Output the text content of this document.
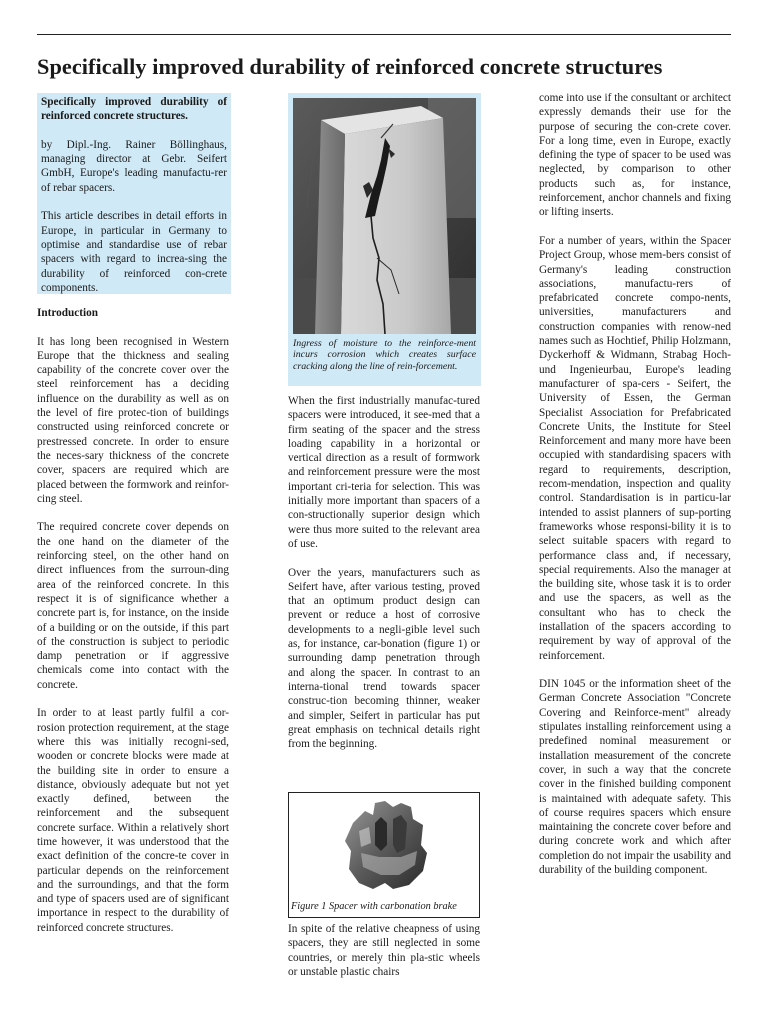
Specifically improved durability of reinforced concrete structures

Specifically improved durability of reinforced concrete structures.

by Dipl.-Ing. Rainer Böllinghaus, managing director at Gebr. Seifert GmbH, Europe's leading manufactu-rer of rebar spacers.

This article describes in detail efforts in Europe, in particular in Germany to optimise and standardise use of rebar spacers with regard to increa-sing the durability of reinforced con-crete components.

Introduction

It has long been recognised in Western Europe that the thickness and sealing capability of the concrete cover over the steel reinforcement has a deciding influence on the durability as well as on the level of fire protec-tion of buildings constructed using reinforced concrete or prestressed concrete. In order to ensure the neces-sary thickness of the concrete cover, spacers are required which are placed between the formwork and reinfor-cing steel.

The required concrete cover depends on the one hand on the diameter of the reinforcing steel, on the other hand on direct influences from the surroun-ding area of the reinforced concrete. In this respect it is of significance whether a concrete part is, for instance, on the inside of a building or on the outside, if this part of the construction is subject to periodic damp penetration or if aggressive chemicals come into contact with the concrete.

In order to at least partly fulfil a cor-rosion protection requirement, at the stage where this was initially recogni-sed, wooden or concrete blocks were made at the building site in order to ensure a distance, obviously adequate but not yet exactly defined, between the reinforcement and the subsequent concrete surface. Within a relatively short time however, it was understood that the exact definition of the concre-te cover in particular depends on the reinforcement and the surroundings, and that the form and type of spacers used are of significant importance in respect to the durability of reinforced concrete structures.

Ingress of moisture to the reinforce-ment incurs corrosion which creates surface cracking along the line of rein-forcement.

When the first industrially manufac-tured spacers were introduced, it see-med that a firm seating of the spacer and the stress loading capability in a horizontal or vertical direction as a result of formwork and reinforcement pressure were the most important cri-teria for selection. This was initially more important than spacers of a con-structionally superior design which were thus more suited to the relevant area of use.

Over the years, manufacturers such as Seifert have, after various testing, proved that an optimum product design can prevent or reduce a host of corrosive developments to a negli-gible level such as, for instance, car-bonation (figure 1) or surrounding damp penetration through and along the spacer. In contrast to an interna-tional trend towards spacer construc-tion becoming thinner, weaker and simpler, Seifert in particular has put great emphasis on technical details right from the beginning.

Figure 1 Spacer with carbonation brake

In spite of the relative cheapness of using spacers, they are still neglected in some countries, or merely thin pla-stic wheels or unstable plastic chairs

come into use if the consultant or architect expressly demands their use for the purpose of securing the con-crete cover. For a long time, even in Europe, exactly defining the type of spacer to be used was neglected, by comparison to other products such as, for instance, reinforcement, anchor channels and fixing or lifting inserts.

For a number of years, within the Spacer Project Group, whose mem-bers consist of Germany's leading construction associations, manufactu-rers of prefabricated concrete compo-nents, universities, manufacturers and construction companies with renow-ned names such as Hochtief, Philip Holzmann, Dyckerhoff & Widmann, Strabag Hoch- und Ingenieurbau, Europe's leading manufacturer of spa-cers - Seifert, the University of Essen, the German Specialist Association for Prefabricated Concrete Units, the Institute for Steel Reinforcement and many more have been occupied with standardising spacers with regard to requirements, description, recom-mendation, inspection and quality control. Standardisation is in particu-lar intended to assist planners of sup-porting frameworks whose responsi-bility it is to select suitable spacers with regard to performance class and, if necessary, special requirements. Also the manager at the building site, whose task it is to order and use the spacers, as well as the consultant who has to check the installation of the spacers according to requirement by way of approval of the reinforcement.

DIN 1045 or the information sheet of the German Concrete Association "Concrete Covering and Reinforce-ment" already stipulates installing reinforcement using a predefined nominal measurement or installation measurement of the concrete cover, in such a way that the concrete cover in the finished building component is maintained with adequate safety. This of course requires spacers which ensure maintaining the concrete cover before and during concrete work and which after completion do not impair the usability and durability of the building component.
